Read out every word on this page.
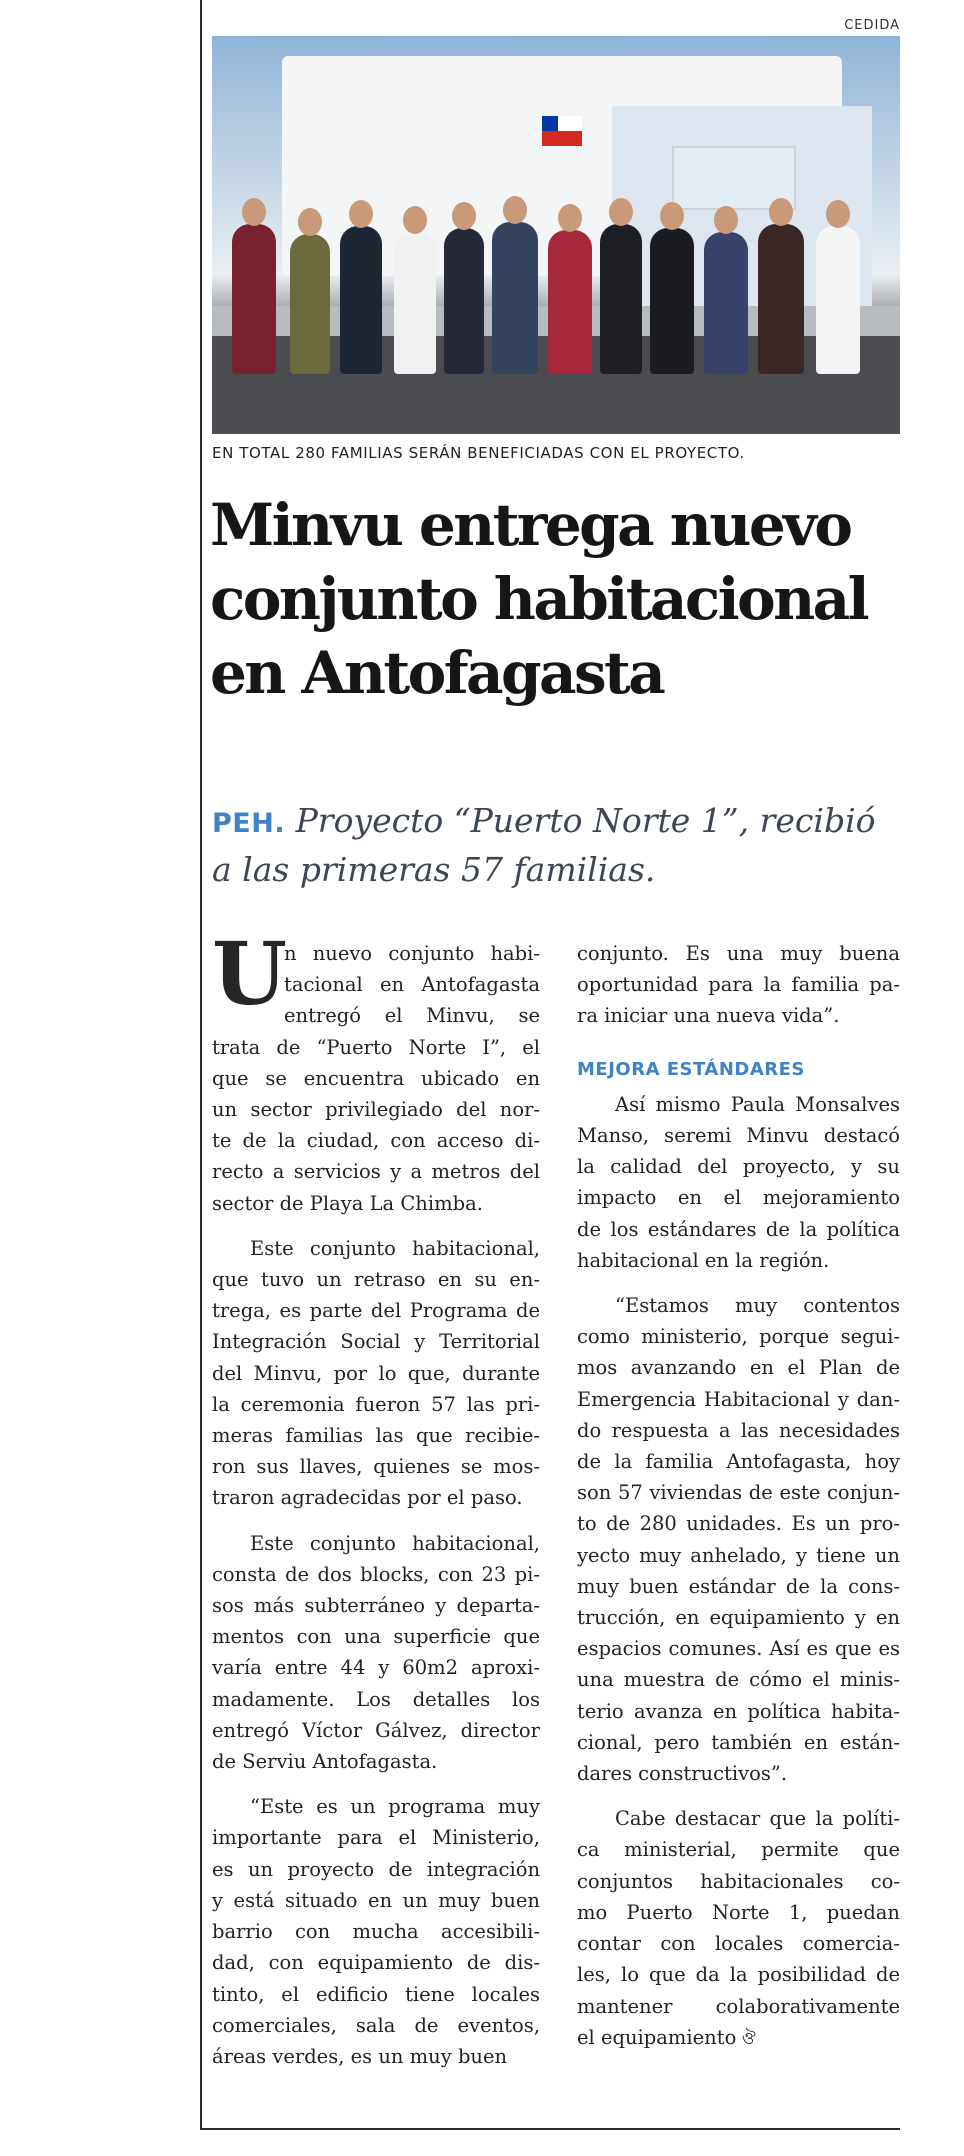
CEDIDA
EN TOTAL 280 FAMILIAS SERÁN BENEFICIADAS CON EL PROYECTO.
Minvu entrega nuevo
conjunto habitacional
en Antofagasta
PEH. Proyecto “Puerto Norte 1”, recibió
a las primeras 57 familias.
U
n nuevo conjunto habi-
tacional en Antofagasta
entregó el Minvu, se
trata de “Puerto Norte I”, el
que se encuentra ubicado en
un sector privilegiado del nor-
te de la ciudad, con acceso di-
recto a servicios y a metros del
sector de Playa La Chimba.
Este conjunto habitacional,
que tuvo un retraso en su en-
trega, es parte del Programa de
Integración Social y Territorial
del Minvu, por lo que, durante
la ceremonia fueron 57 las pri-
meras familias las que recibie-
ron sus llaves, quienes se mos-
traron agradecidas por el paso.
Este conjunto habitacional,
consta de dos blocks, con 23 pi-
sos más subterráneo y departa-
mentos con una superficie que
varía entre 44 y 60m2 aproxi-
madamente. Los detalles los
entregó Víctor Gálvez, director
de Serviu Antofagasta.
“Este es un programa muy
importante para el Ministerio,
es un proyecto de integración
y está situado en un muy buen
barrio con mucha accesibili-
dad, con equipamiento de dis-
tinto, el edificio tiene locales
comerciales, sala de eventos,
áreas verdes, es un muy buen
conjunto. Es una muy buena
oportunidad para la familia pa-
ra iniciar una nueva vida”.
MEJORA ESTÁNDARES
Así mismo Paula Monsalves
Manso, seremi Minvu destacó
la calidad del proyecto, y su
impacto en el mejoramiento
de los estándares de la política
habitacional en la región.
“Estamos muy contentos
como ministerio, porque segui-
mos avanzando en el Plan de
Emergencia Habitacional y dan-
do respuesta a las necesidades
de la familia Antofagasta, hoy
son 57 viviendas de este conjun-
to de 280 unidades. Es un pro-
yecto muy anhelado, y tiene un
muy buen estándar de la cons-
trucción, en equipamiento y en
espacios comunes. Así es que es
una muestra de cómo el minis-
terio avanza en política habita-
cional, pero también en están-
dares constructivos”.
Cabe destacar que la políti-
ca ministerial, permite que
conjuntos habitacionales co-
mo Puerto Norte 1, puedan
contar con locales comercia-
les, lo que da la posibilidad de
mantener colaborativamente
el equipamiento ঔ
